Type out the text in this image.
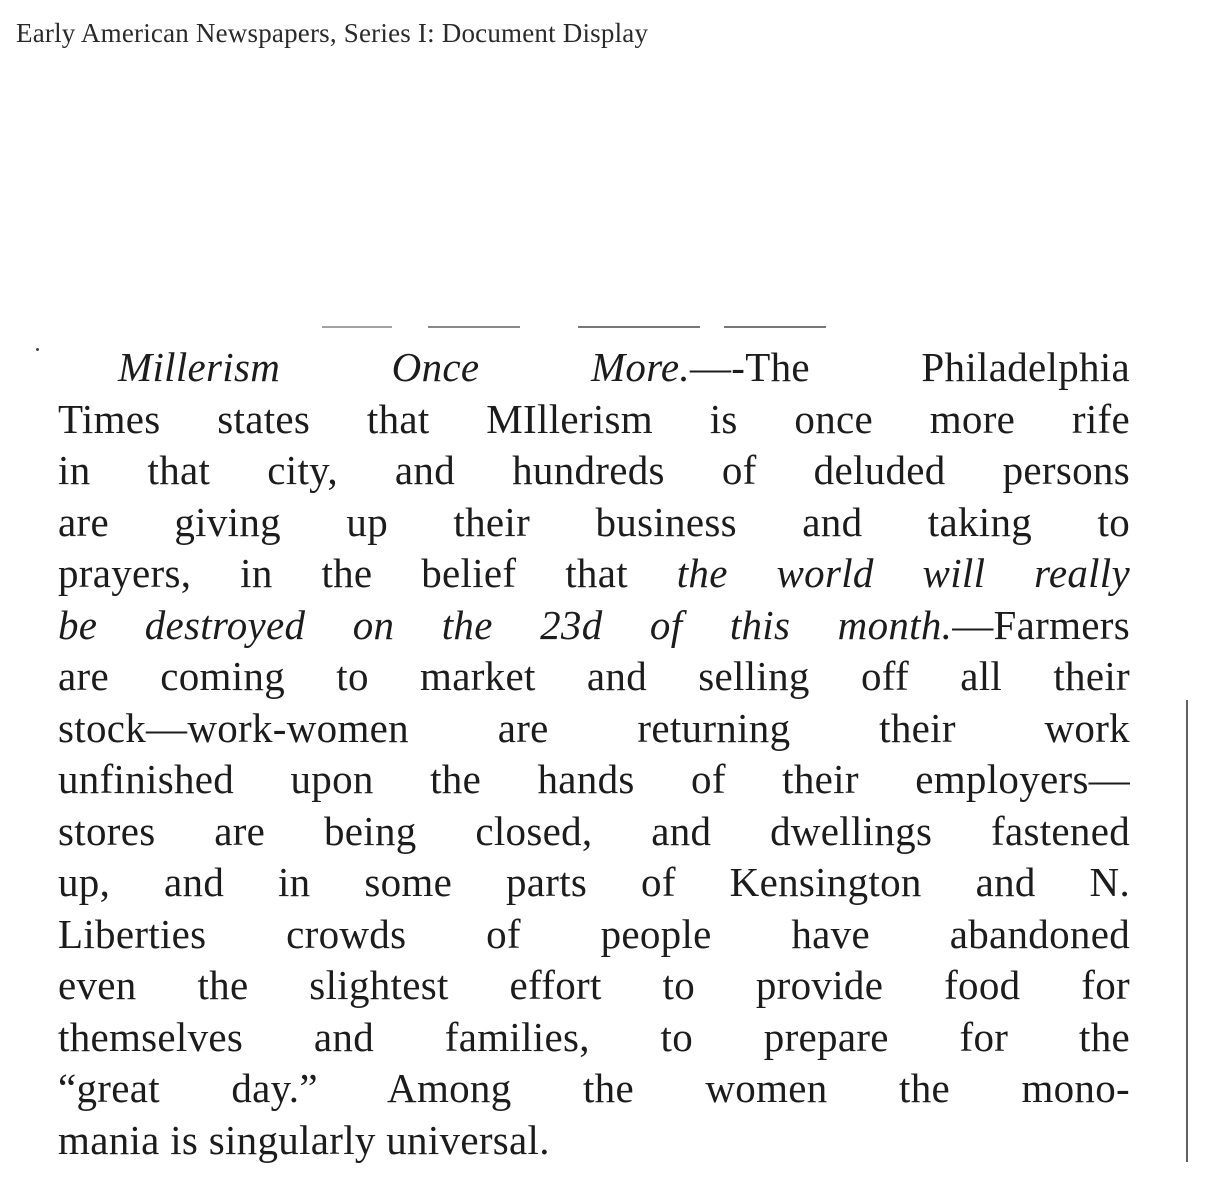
Early American Newspapers, Series I: Document Display
Millerism Once More.—-The Philadelphia
Times states that MIllerism is once more rife
in that city, and hundreds of deluded persons
are giving up their business and taking to
prayers, in the belief that the world will really
be destroyed on the 23d of this month.—Farmers
are coming to market and selling off all their
stock—work-women are returning their work
unfinished upon the hands of their employers—
stores are being closed, and dwellings fastened
up, and in some parts of Kensington and N.
Liberties crowds of people have abandoned
even the slightest effort to provide food for
themselves and families, to prepare for the
“great day.” Among the women the mono-
mania is singularly universal.
